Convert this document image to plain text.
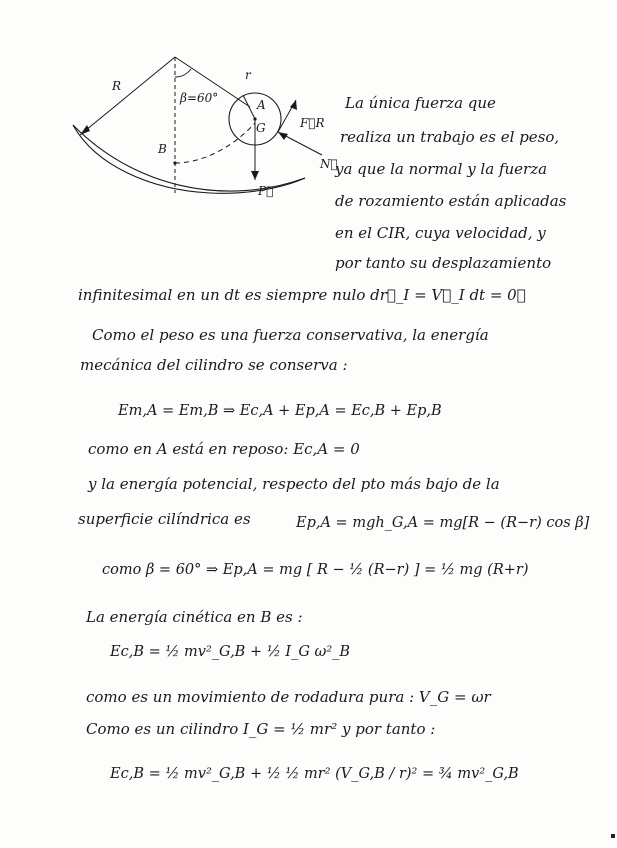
R
β=60°
r
A
G
B
F⃗R
P⃗
N⃗
La única fuerza que
realiza un trabajo es el peso,
ya que la normal y la fuerza
de rozamiento están aplicadas
en el CIR, cuya velocidad, y
por tanto su desplazamiento
infinitesimal en un dt es siempre nulo dr⃗_I = V⃗_I dt = 0⃗
Como el peso es una fuerza conservativa, la energía
mecánica del cilindro se conserva :
Em,A = Em,B ⇒ Ec,A + Ep,A = Ec,B + Ep,B
como en A está en reposo: Ec,A = 0
y la energía potencial, respecto del pto más bajo de la
superficie cilíndrica es	Ep,A = mgh_G,A = mg[R − (R−r) cos β]
como β = 60° ⇒ Ep,A = mg [ R − ½ (R−r) ] = ½ mg (R+r)
La energía cinética en B es :
Ec,B = ½ mv²_G,B + ½ I_G ω²_B
como es un movimiento de rodadura pura : V_G = ωr
Como es un cilindro I_G = ½ mr² y por tanto :
Ec,B = ½ mv²_G,B + ½ ½ mr² (V_G,B / r)² = ¾ mv²_G,B
